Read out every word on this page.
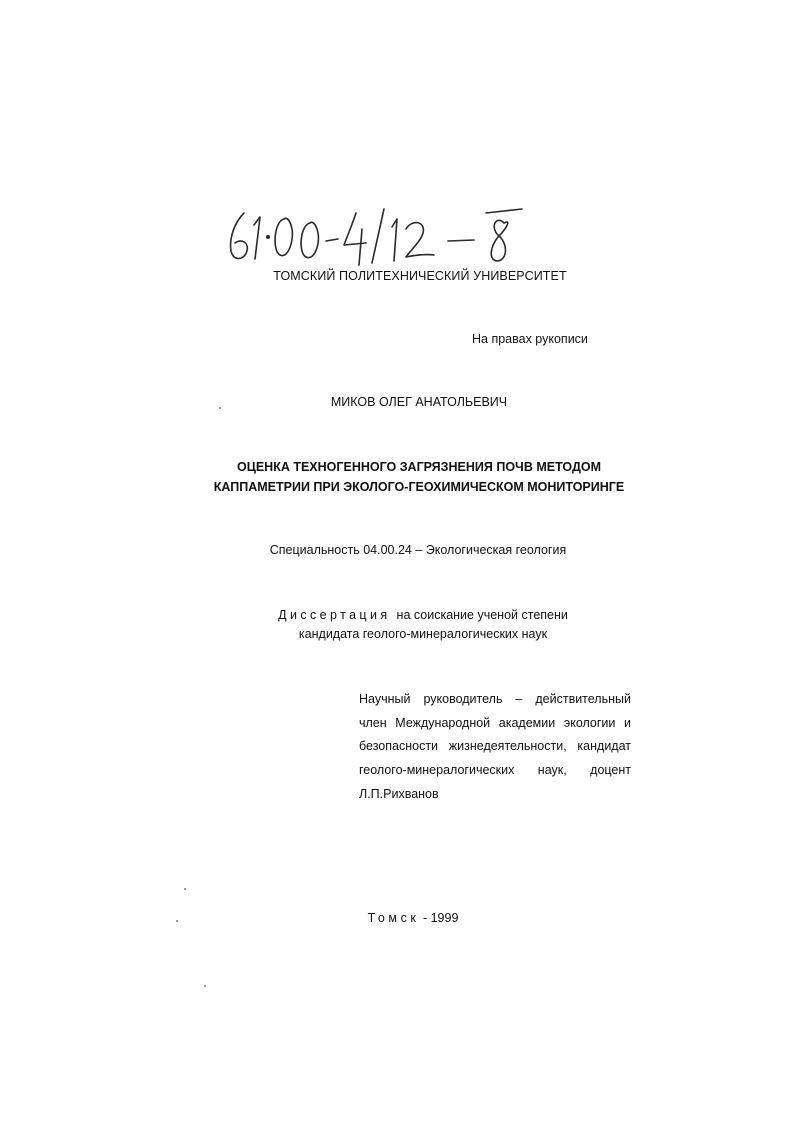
ТОМСКИЙ ПОЛИТЕХНИЧЕСКИЙ УНИВЕРСИТЕТ
На правах рукописи
МИКОВ ОЛЕГ АНАТОЛЬЕВИЧ
ОЦЕНКА ТЕХНОГЕННОГО ЗАГРЯЗНЕНИЯ ПОЧВ МЕТОДОМ
КАППАМЕТРИИ ПРИ ЭКОЛОГО-ГЕОХИМИЧЕСКОМ МОНИТОРИНГЕ
Специальность 04.00.24 – Экологическая геология
Диссертация на соискание ученой степени
кандидата геолого-минералогических наук
Научный руководитель – действительный член Международной академии экологии и безопасности жизнедеятельности, кандидат геолого-минералогических наук, доцент Л.П.Рихванов
Томск - 1999
